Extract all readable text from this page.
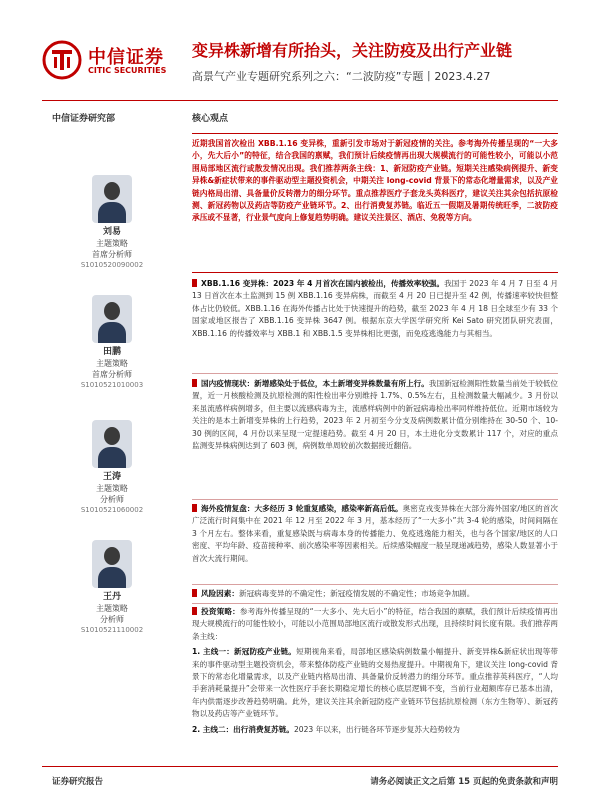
中信证券
CITIC SECURITIES
变异株新增有所抬头，关注防疫及出行产业链
高景气产业专题研究系列之六：“二波防疫”专题丨2023.4.27
中信证券研究部
刘易
主题策略
首席分析师
S1010520090002
田鹏
主题策略
首席分析师
S1010521010003
王涛
主题策略
分析师
S1010521060002
王丹
主题策略
分析师
S1010521110002
核心观点
近期我国首次检出 XBB.1.16 变异株，重新引发市场对于新冠疫情的关注。参考海外传播呈现的“一大多小，先大后小”的特征，结合我国的禀赋，我们预计后续疫情再出现大规模流行的可能性较小，可能以小范围局部地区流行或散发情况出现。我们推荐两条主线：1、新冠防疫产业链。短期关注感染病例提升、新变异株&新症状带来的事件驱动型主题投资机会，中期关注 long-covid 背景下的常态化增量需求，以及产业链内格局出清、具备量价反转潜力的细分环节。重点推荐医疗子套龙头英科医疗，建议关注其余包括抗原检测、新冠药物以及药店等防疫产业链环节。2、出行消费复苏链。临近五一假期及暑期传统旺季，二波防疫承压或不显著，行业景气度向上修复趋势明确。建议关注景区、酒店、免税等方向。
XBB.1.16 变异株：2023 年 4 月首次在国内被检出，传播效率较强。我国于 2023 年 4 月 7 日至 4 月 13 日首次在本土监测到 15 例 XBB.1.16 变异病株，而截至 4 月 20 日已提升至 42 例，传播速率较快但整体占比仍较低。XBB.1.16 在海外传播占比处于快速提升的趋势，截至 2023 年 4 月 18 日全球至少有 33 个国家或地区报告了 XBB.1.16 变异株 3647 例。根据东京大学医学研究所 Kei Sato 研究团队研究表面，XBB.1.16 的传播效率与 XBB.1 和 XBB.1.5 变异株相比更强，而免疫逃逸能力与其相当。
国内疫情现状：新增感染处于低位，本土新增变异株数量有所上行。我国新冠检测阳性数量当前处于较低位置，近一月核酸检测及抗原检测的阳性检出率分别维持 1.7%、0.5%左右，且检测数量大幅减少。3 月份以来虽流感样病例增多，但主要以流感病毒为主，流感样病例中的新冠病毒检出率同样维持低位。近期市场较为关注的是本土新增变异株的上行趋势，2023 年 2 月初至今分支及病例数累计值分别维持在 30-50 个、10-30 例的区间，4 月份以来呈现一定提速趋势。截至 4 月 20 日，本土进化分支数累计 117 个，对应的重点监测变异株病例达到了 603 例，病例数单周较前次数据接近翻倍。
海外疫情复盘：大多经历 3 轮重复感染，感染率新高后低。奥密克戎变异株在大部分海外国家/地区的首次广泛流行时间集中在 2021 年 12 月至 2022 年 3 月，基本经历了“一大多小”共 3-4 轮的感染，时间间隔在 3 个月左右。整体来看，重复感染既与病毒本身的传播能力、免疫逃逸能力相关，也与各个国家/地区的人口密度、平均年龄、疫苗接种率、前次感染率等因素相关。后续感染幅度一般呈现递减趋势，感染人数显著小于首次大流行期间。
风险因素：新冠病毒变异的不确定性；新冠疫情发展的不确定性；市场竞争加剧。
投资策略：参考海外传播呈现的“一大多小、先大后小”的特征，结合我国的禀赋，我们预计后续疫情再出现大规模流行的可能性较小，可能以小范围局部地区流行或散发形式出现，且持续时间长度有限。我们推荐两条主线：
1. 主线一：新冠防疫产业链。短期视角来看，局部地区感染病例数量小幅提升、新变异株&新症状出现等带来的事件驱动型主题投资机会，带来整体防疫产业链的交易热度提升。中期视角下，建议关注 long-covid 背景下的常态化增量需求，以及产业链内格局出清、具备量价反转潜力的细分环节。重点推荐英科医疗，“人均手套消耗量提升”会带来一次性医疗手套长期稳定增长的核心底层逻辑不变，当前行业超额库存已基本出清，年内供需逐步改善趋势明确。此外，建议关注其余新冠防疫产业链环节包括抗原检测（东方生物等）、新冠药物以及药店等产业链环节。
2. 主线二：出行消费复苏链。2023 年以来，出行链各环节逐步复苏大趋势较为
证券研究报告	请务必阅读正文之后第 15 页起的免责条款和声明
